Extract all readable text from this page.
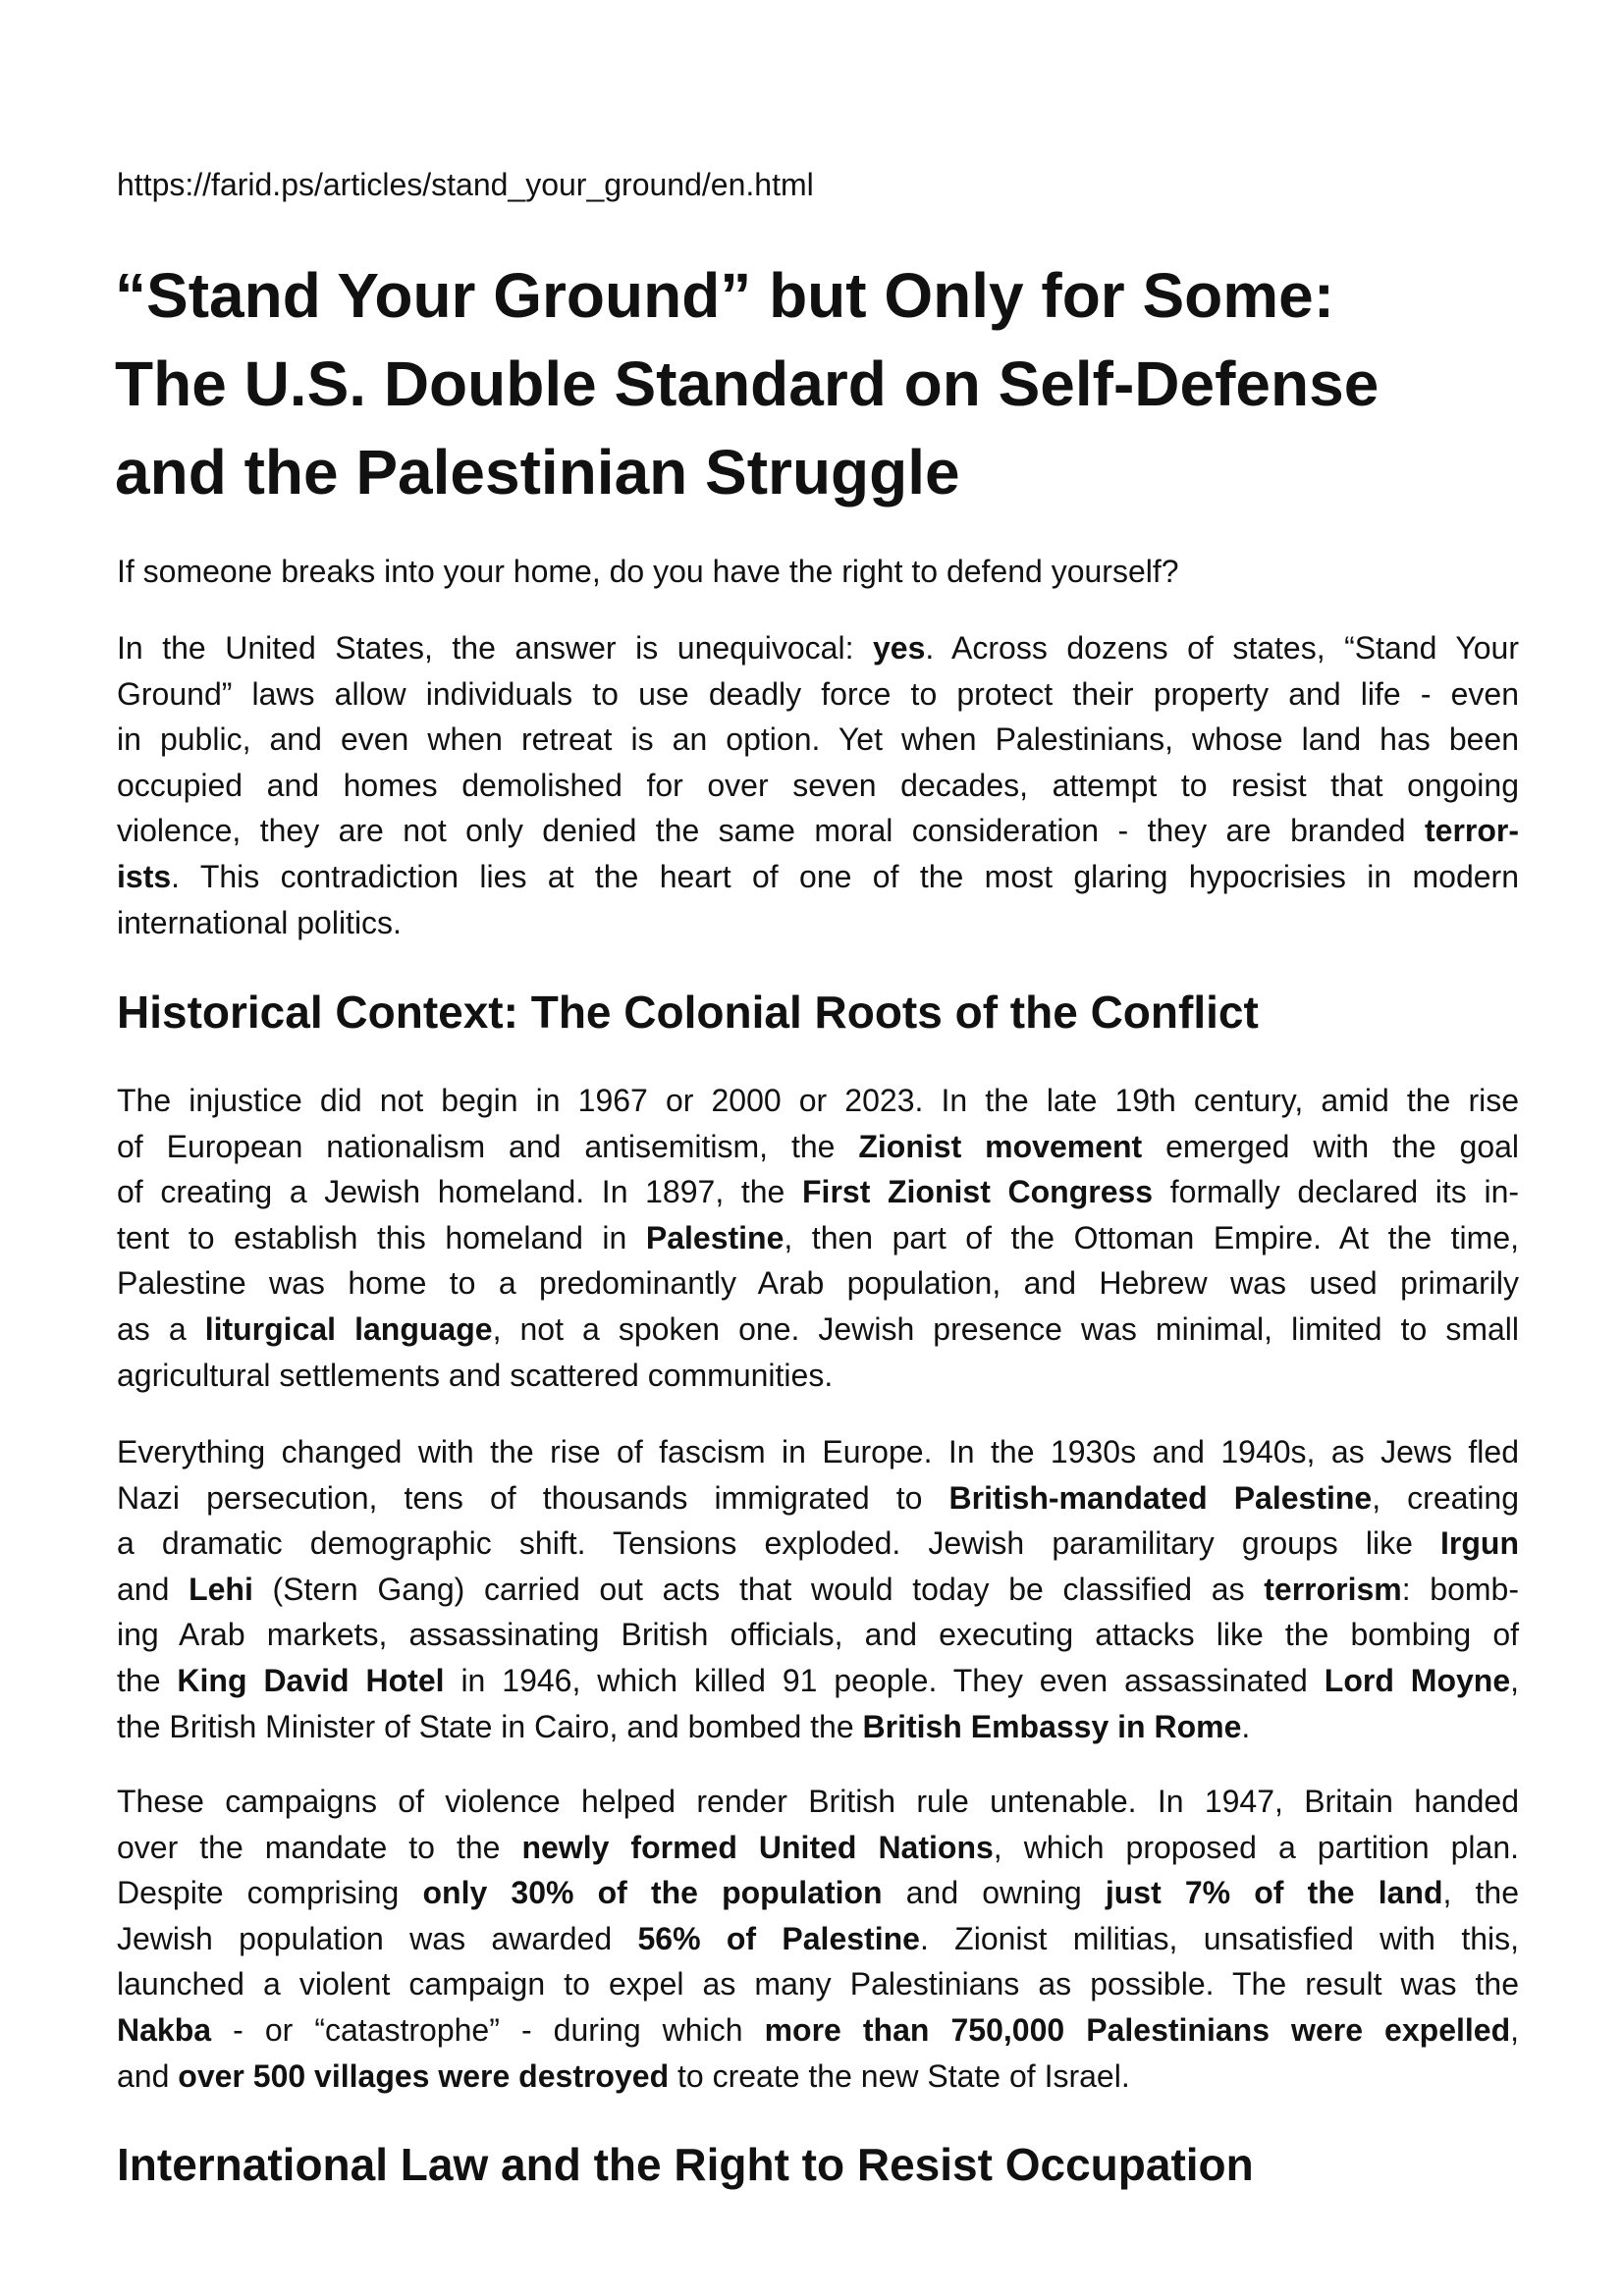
https://farid.ps/articles/stand_your_ground/en.html
“Stand Your Ground” but Only for Some:
The U.S. Double Standard on Self-Defense
and the Palestinian Struggle
If someone breaks into your home, do you have the right to defend yourself?
In the United States, the answer is unequivocal: yes. Across dozens of states, “Stand Your
Ground” laws allow individuals to use deadly force to protect their property and life - even
in public, and even when retreat is an option. Yet when Palestinians, whose land has been
occupied and homes demolished for over seven decades, attempt to resist that ongoing
violence, they are not only denied the same moral consideration - they are branded terror-
ists. This contradiction lies at the heart of one of the most glaring hypocrisies in modern
international politics.
Historical Context: The Colonial Roots of the Conflict
The injustice did not begin in 1967 or 2000 or 2023. In the late 19th century, amid the rise
of European nationalism and antisemitism, the Zionist movement emerged with the goal
of creating a Jewish homeland. In 1897, the First Zionist Congress formally declared its in-
tent to establish this homeland in Palestine, then part of the Ottoman Empire. At the time,
Palestine was home to a predominantly Arab population, and Hebrew was used primarily
as a liturgical language, not a spoken one. Jewish presence was minimal, limited to small
agricultural settlements and scattered communities.
Everything changed with the rise of fascism in Europe. In the 1930s and 1940s, as Jews fled
Nazi persecution, tens of thousands immigrated to British-mandated Palestine, creating
a dramatic demographic shift. Tensions exploded. Jewish paramilitary groups like Irgun
and Lehi (Stern Gang) carried out acts that would today be classified as terrorism: bomb-
ing Arab markets, assassinating British officials, and executing attacks like the bombing of
the King David Hotel in 1946, which killed 91 people. They even assassinated Lord Moyne,
the British Minister of State in Cairo, and bombed the British Embassy in Rome.
These campaigns of violence helped render British rule untenable. In 1947, Britain handed
over the mandate to the newly formed United Nations, which proposed a partition plan.
Despite comprising only 30% of the population and owning just 7% of the land, the
Jewish population was awarded 56% of Palestine. Zionist militias, unsatisfied with this,
launched a violent campaign to expel as many Palestinians as possible. The result was the
Nakba - or “catastrophe” - during which more than 750,000 Palestinians were expelled,
and over 500 villages were destroyed to create the new State of Israel.
International Law and the Right to Resist Occupation
